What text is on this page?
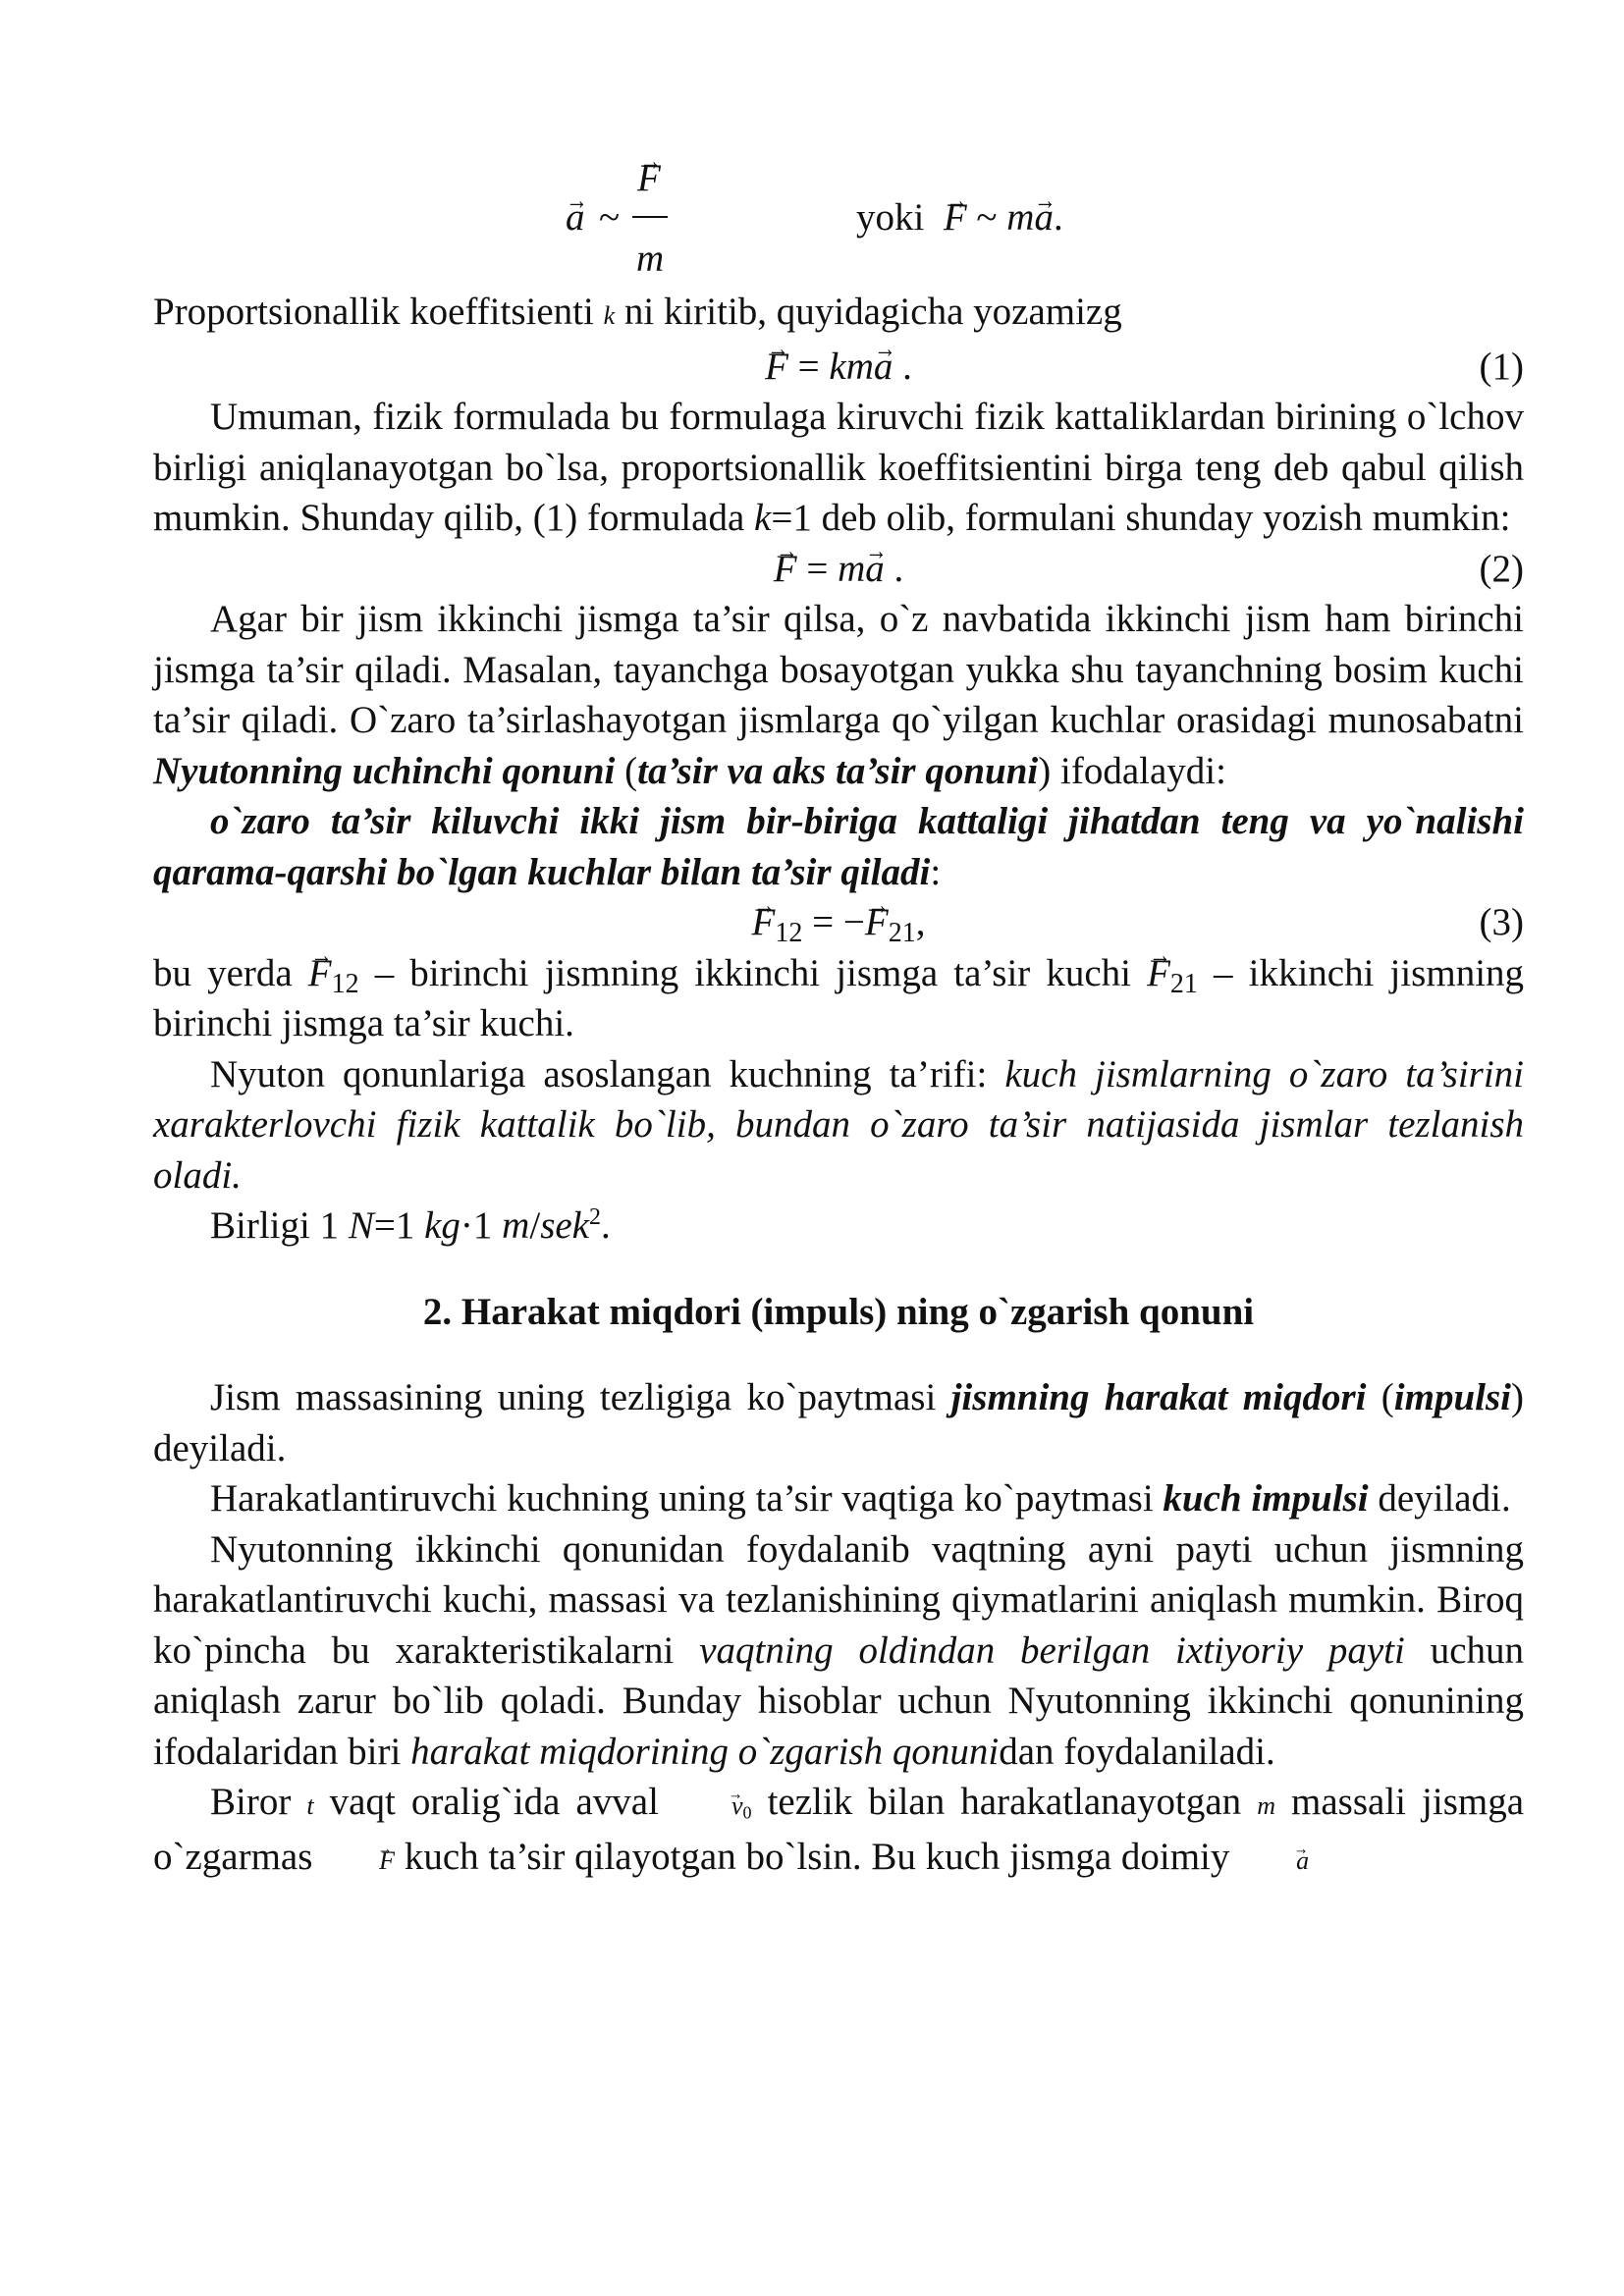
→ a ~
→ F
m
yoki → F ~ m→ a.

Proportsionallik koeffitsienti k ni kiritib, quyidagicha yozamizg

→ F = km→ a .	(1)

Umuman, fizik formulada bu formulaga kiruvchi fizik kattaliklardan birining o`lchov birligi aniqlanayotgan bo`lsa, proportsionallik koeffitsientini birga teng deb qabul qilish mumkin. Shunday qilib, (1) formulada k=1 deb olib, formulani shunday yozish mumkin:

→ F = m→ a .	(2)

Agar bir jism ikkinchi jismga ta’sir qilsa, o`z navbatida ikkinchi jism ham birinchi jismga ta’sir qiladi. Masalan, tayanchga bosayotgan yukka shu tayanchning bosim kuchi ta’sir qiladi. O`zaro ta’sirlashayotgan jismlarga qo`yilgan kuchlar orasidagi munosabatni Nyutonning uchinchi qonuni (ta’sir va aks ta’sir qonuni) ifodalaydi:

o`zaro ta’sir kiluvchi ikki jism bir-biriga kattaligi jihatdan teng va yo`nalishi qarama-qarshi bo`lgan kuchlar bilan ta’sir qiladi:

→ $F_{12}$ = −→ $F_{21}$,	(3)

bu yerda → $F_{12}$ – birinchi jismning ikkinchi jismga ta’sir kuchi → $F_{21}$ – ikkinchi jismning birinchi jismga ta’sir kuchi.

Nyuton qonunlariga asoslangan kuchning ta’rifi: kuch jismlarning o`zaro ta’sirini xarakterlovchi fizik kattalik bo`lib, bundan o`zaro ta’sir natijasida jismlar tezlanish oladi.

Birligi 1 N=1 kg·1 m/sek$^2$.

2. Harakat miqdori (impuls) ning o`zgarish qonuni

Jism massasining uning tezligiga ko`paytmasi jismning harakat miqdori (impulsi) deyiladi.

Harakatlantiruvchi kuchning uning ta’sir vaqtiga ko`paytmasi kuch impulsi deyiladi.

Nyutonning ikkinchi qonunidan foydalanib vaqtning ayni payti uchun jismning harakatlantiruvchi kuchi, massasi va tezlanishining qiymatlarini aniqlash mumkin. Biroq ko`pincha bu xarakteristikalarni vaqtning oldindan berilgan ixtiyoriy payti uchun aniqlash zarur bo`lib qoladi. Bunday hisoblar uchun Nyutonning ikkinchi qonunining ifodalaridan biri harakat miqdorining o`zgarish qonunidan foydalaniladi.

Biror t vaqt oralig`ida avval	→ $v_0$ tezlik bilan harakatlanayotgan m massali jismga o`zgarmas	→ F kuch ta’sir qilayotgan bo`lsin. Bu kuch jismga doimiy	→ a
